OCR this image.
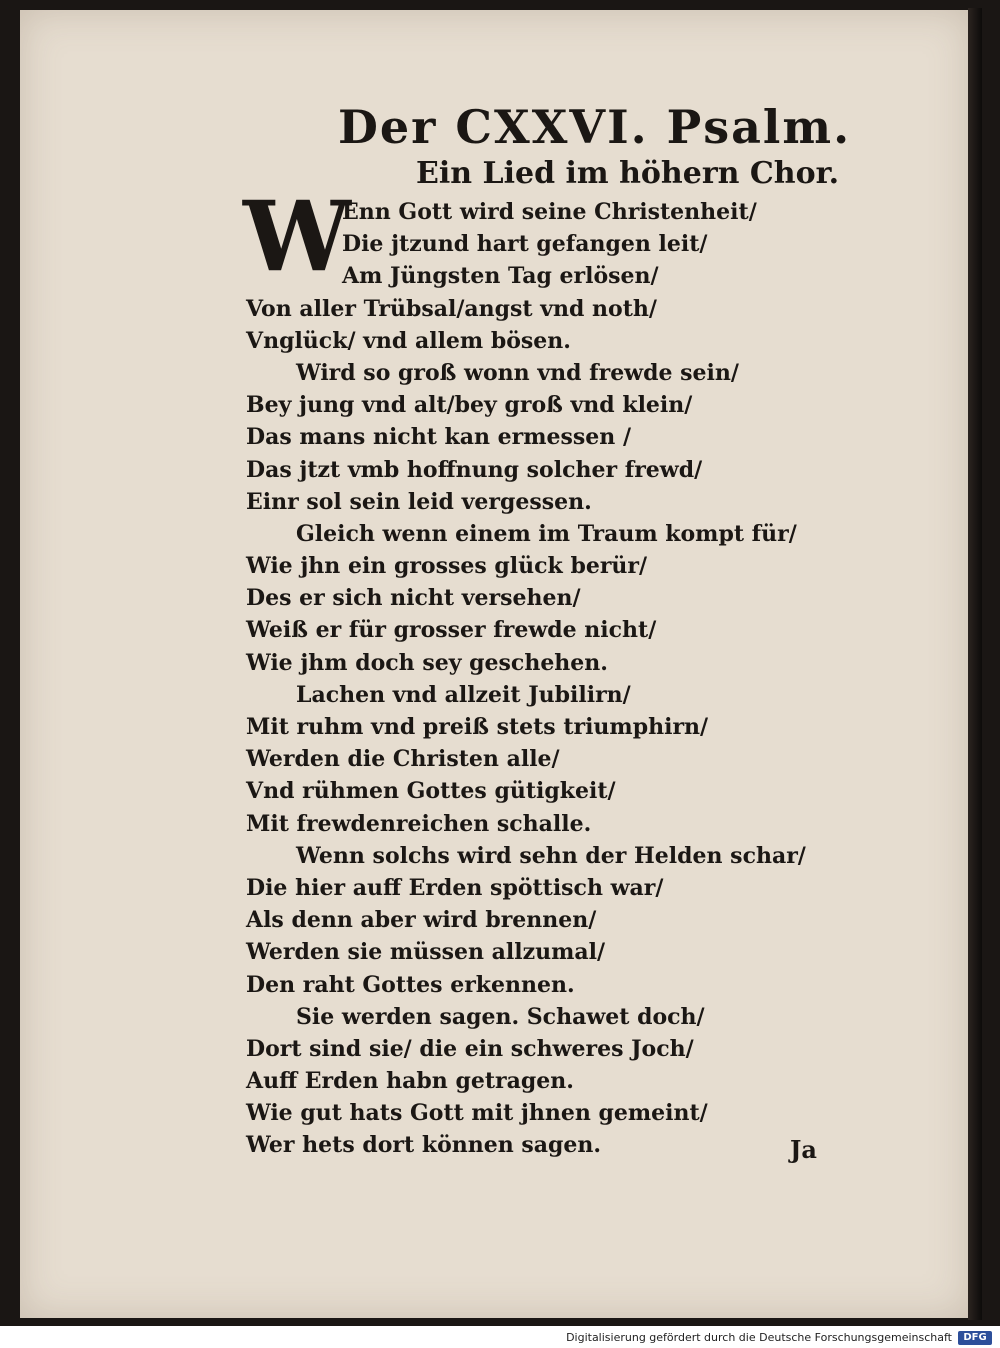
Der CXXVI. Psalm.
Ein Lied im höhern Chor.
W
Enn Gott wird seine Christenheit/
Die jtzund hart gefangen leit/
Am Jüngsten Tag erlösen/
Von aller Trübsal/angst vnd noth/
Vnglück/ vnd allem bösen.
Wird so groß wonn vnd frewde sein/
Bey jung vnd alt/bey groß vnd klein/
Das mans nicht kan ermessen /
Das jtzt vmb hoffnung solcher frewd/
Einr sol sein leid vergessen.
Gleich wenn einem im Traum kompt für/
Wie jhn ein grosses glück berür/
Des er sich nicht versehen/
Weiß er für grosser frewde nicht/
Wie jhm doch sey geschehen.
Lachen vnd allzeit Jubilirn/
Mit ruhm vnd preiß stets triumphirn/
Werden die Christen alle/
Vnd rühmen Gottes gütigkeit/
Mit frewdenreichen schalle.
Wenn solchs wird sehn der Helden schar/
Die hier auff Erden spöttisch war/
Als denn aber wird brennen/
Werden sie müssen allzumal/
Den raht Gottes erkennen.
Sie werden sagen. Schawet doch/
Dort sind sie/ die ein schweres Joch/
Auff Erden habn getragen.
Wie gut hats Gott mit jhnen gemeint/
Wer hets dort können sagen.	Ja
Digitalisierung gefördert durch die Deutsche Forschungsgemeinschaft	DFG
